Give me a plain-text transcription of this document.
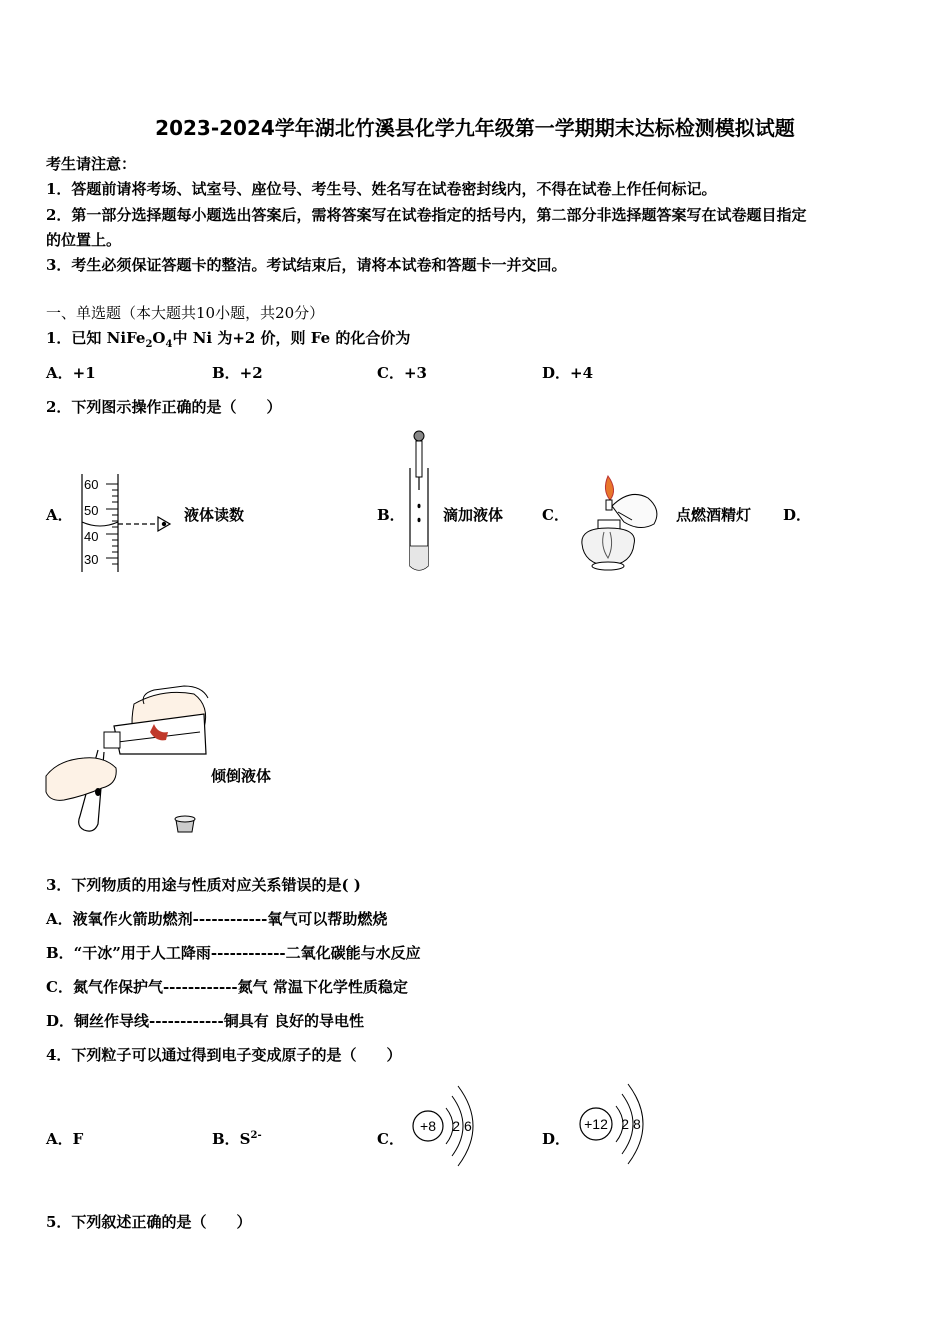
2023-2024学年湖北竹溪县化学九年级第一学期期末达标检测模拟试题
考生请注意：
1．答题前请将考场、试室号、座位号、考生号、姓名写在试卷密封线内，不得在试卷上作任何标记。
2．第一部分选择题每小题选出答案后，需将答案写在试卷指定的括号内，第二部分非选择题答案写在试卷题目指定
的位置上。
3．考生必须保证答题卡的整洁。考试结束后，请将本试卷和答题卡一并交回。
一、单选题（本大题共10小题，共20分）
1．已知 $NiFe_2O_4$中 Ni 为+2 价，则 Fe 的化合价为
A．+1	B．+2	C．+3	D．+4
2．下列图示操作正确的是（　　）
A．
60
50
40
30
液体读数	B．	滴加液体	C．	点燃酒精灯 D．
倾倒液体
3．下列物质的用途与性质对应关系错误的是( )
A．液氧作火箭助燃剂------------氧气可以帮助燃烧
B．“干冰”用于人工降雨------------二氧化碳能与水反应
C．氮气作保护气------------氮气 常温下化学性质稳定
D．铜丝作导线------------铜具有 良好的导电性
4．下列粒子可以通过得到电子变成原子的是（　　）
A．F	B．$S^{2-}$	C．
+8 2 6
D．
+12 2 8
5．下列叙述正确的是（　　）
